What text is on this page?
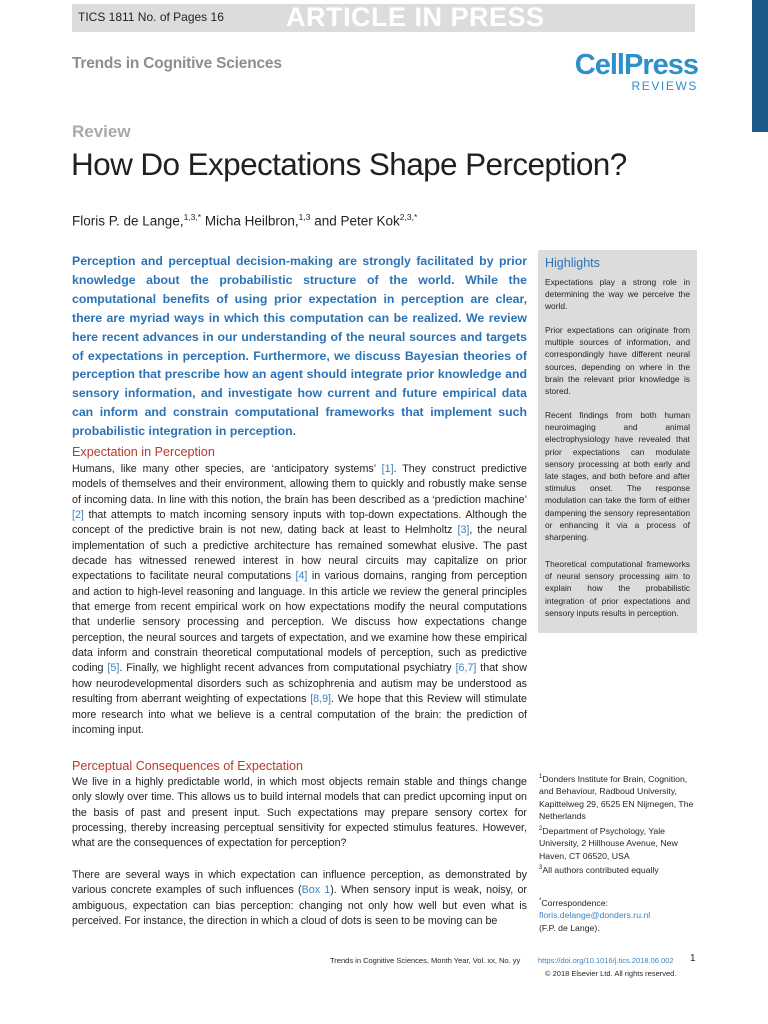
TICS 1811 No. of Pages 16 ARTICLE IN PRESS
Trends in Cognitive Sciences	CellPress
REVIEWS
Review
How Do Expectations Shape Perception?
Floris P. de Lange,$^{1,3,*}$ Micha Heilbron,$^{1,3}$ and Peter Kok$^{2,3,*}$
Perception and perceptual decision-making are strongly facilitated by prior knowledge about the probabilistic structure of the world. While the computational benefits of using prior expectation in perception are clear, there are myriad ways in which this computation can be realized. We review here recent advances in our understanding of the neural sources and targets of expectations in perception. Furthermore, we discuss Bayesian theories of perception that prescribe how an agent should integrate prior knowledge and sensory information, and investigate how current and future empirical data can inform and constrain computational frameworks that implement such probabilistic integration in perception.
Expectation in Perception
Humans, like many other species, are ‘anticipatory systems’ [1]. They construct predictive models of themselves and their environment, allowing them to quickly and robustly make sense of incoming data. In line with this notion, the brain has been described as a ‘prediction machine’ [2] that attempts to match incoming sensory inputs with top-down expectations. Although the concept of the predictive brain is not new, dating back at least to Helmholtz [3], the neural implementation of such a predictive architecture has remained somewhat elusive. The past decade has witnessed renewed interest in how neural circuits may capitalize on prior expectations to facilitate neural computations [4] in various domains, ranging from perception and action to high-level reasoning and language. In this article we review the general principles that emerge from recent empirical work on how expectations modify the neural computations that underlie sensory processing and perception. We discuss how expectations change perception, the neural sources and targets of expectation, and we examine how these empirical data inform and constrain theoretical computational models of perception, such as predictive coding [5]. Finally, we highlight recent advances from computational psychiatry [6,7] that show how neurodevelopmental disorders such as schizophrenia and autism may be understood as resulting from aberrant weighting of expectations [8,9]. We hope that this Review will stimulate more research into what we believe is a central computation of the brain: the prediction of incoming input.
Perceptual Consequences of Expectation
We live in a highly predictable world, in which most objects remain stable and things change only slowly over time. This allows us to build internal models that can predict upcoming input on the basis of past and present input. Such expectations may prepare sensory cortex for processing, thereby increasing perceptual sensitivity for expected stimulus features. However, what are the consequences of expectation for perception?
There are several ways in which expectation can influence perception, as demonstrated by various concrete examples of such influences (Box 1). When sensory input is weak, noisy, or ambiguous, expectation can bias perception: changing not only how well but even what is perceived. For instance, the direction in which a cloud of dots is seen to be moving can be
Highlights
Expectations play a strong role in determining the way we perceive the world.
Prior expectations can originate from multiple sources of information, and correspondingly have different neural sources, depending on where in the brain the relevant prior knowledge is stored.
Recent findings from both human neuroimaging and animal electrophysiology have revealed that prior expectations can modulate sensory processing at both early and late stages, and both before and after stimulus onset. The response modulation can take the form of either dampening the sensory representation or enhancing it via a process of sharpening.
Theoretical computational frameworks of neural sensory processing aim to explain how the probabilistic integration of prior expectations and sensory inputs results in perception.
$^1$Donders Institute for Brain, Cognition, and Behaviour, Radboud University, Kapittelweg 29, 6525 EN Nijmegen, The Netherlands
$^2$Department of Psychology, Yale University, 2 Hillhouse Avenue, New Haven, CT 06520, USA
$^3$All authors contributed equally
*Correspondence:
floris.delange@donders.ru.nl
(F.P. de Lange).
Trends in Cognitive Sciences, Month Year, Vol. xx, No. yy https://doi.org/10.1016/j.tics.2018.06.002 1
© 2018 Elsevier Ltd. All rights reserved.
